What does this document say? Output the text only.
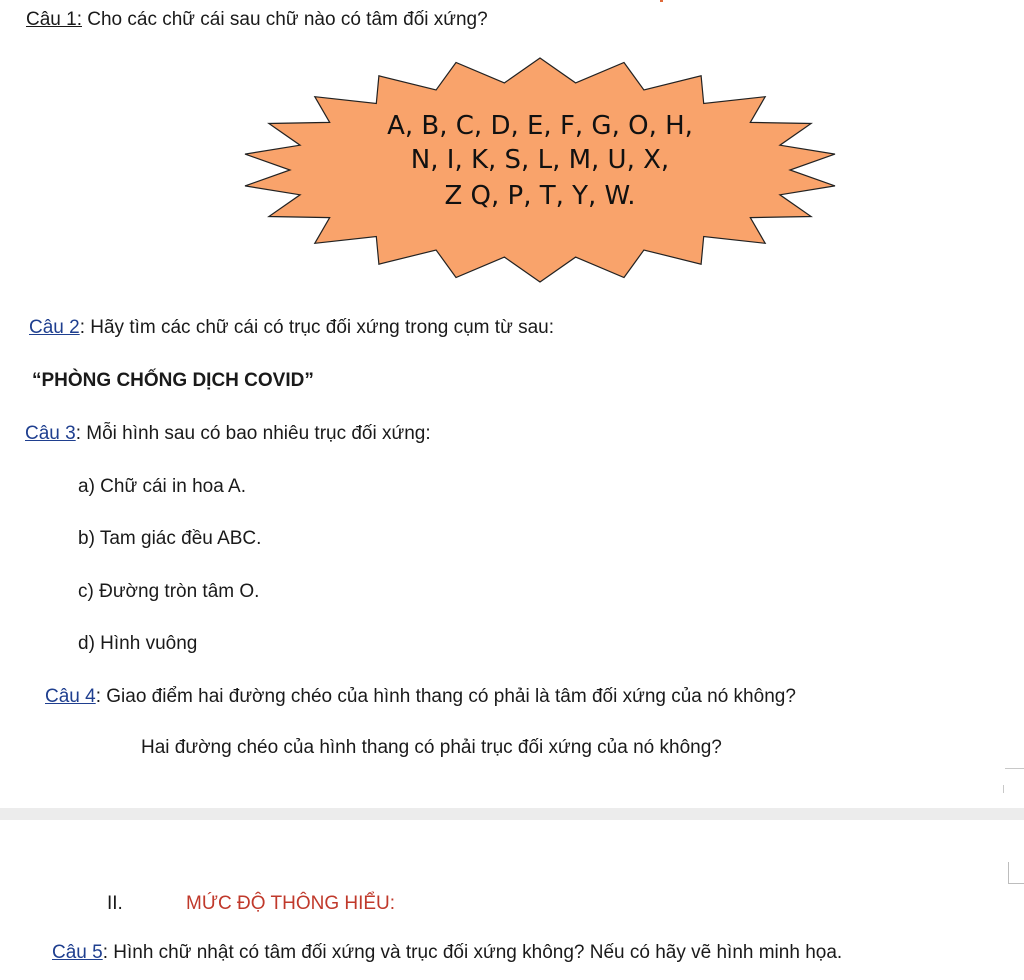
Câu 1: Cho các chữ cái sau chữ nào có tâm đối xứng?
A, B, C, D, E, F, G, O, H,
N, I, K, S, L, M, U, X,
Z Q, P, T, Y, W.
Câu 2: Hãy tìm các chữ cái có trục đối xứng trong cụm từ sau:
“PHÒNG CHỐNG DỊCH COVID”
Câu 3: Mỗi hình sau có bao nhiêu trục đối xứng:
a) Chữ cái in hoa A.
b) Tam giác đều ABC.
c) Đường tròn tâm O.
d) Hình vuông
Câu 4: Giao điểm hai đường chéo của hình thang có phải là tâm đối xứng của nó không?
Hai đường chéo của hình thang có phải trục đối xứng của nó không?
II.	MỨC ĐỘ THÔNG HIỂU:
Câu 5: Hình chữ nhật có tâm đối xứng và trục đối xứng không? Nếu có hãy vẽ hình minh họa.
